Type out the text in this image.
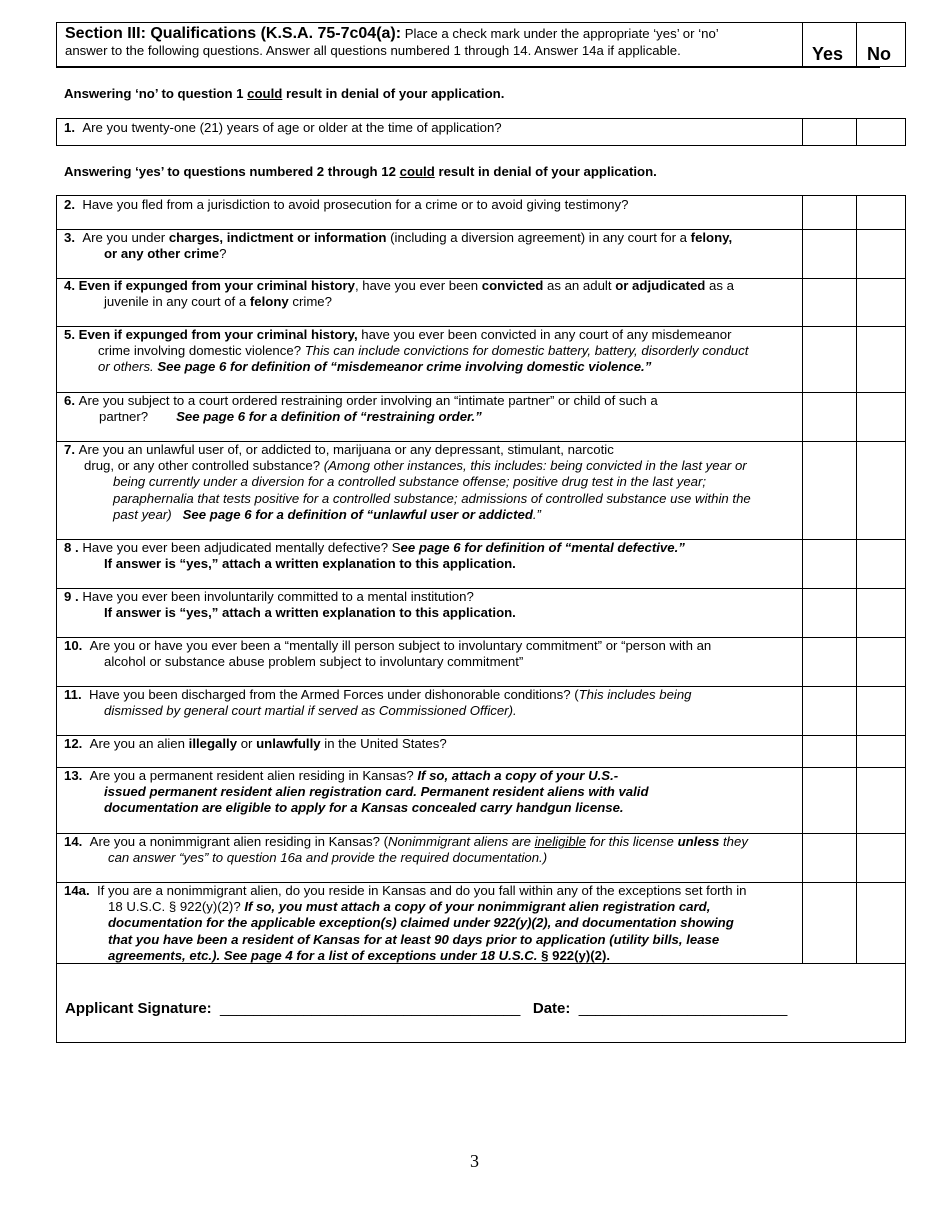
Section III: Qualifications (K.S.A. 75-7c04(a): Place a check mark under the appropriate ‘yes’ or ‘no’
answer to the following questions. Answer all questions numbered 1 through 14. Answer 14a if applicable.	Yes No
Answering ‘no’ to question 1 could result in denial of your application.
1. Are you twenty-one (21) years of age or older at the time of application?
Answering ‘yes’ to questions numbered 2 through 12 could result in denial of your application.
2. Have you fled from a jurisdiction to avoid prosecution for a crime or to avoid giving testimony?
3. Are you under charges, indictment or information (including a diversion agreement) in any court for a felony,
or any other crime?
4. Even if expunged from your criminal history, have you ever been convicted as an adult or adjudicated as a
juvenile in any court of a felony crime?
5. Even if expunged from your criminal history, have you ever been convicted in any court of any misdemeanor
crime involving domestic violence? This can include convictions for domestic battery, battery, disorderly conduct
or others. See page 6 for definition of “misdemeanor crime involving domestic violence.”
6. Are you subject to a court ordered restraining order involving an “intimate partner” or child of such a
partner? See page 6 for a definition of “restraining order.”
7. Are you an unlawful user of, or addicted to, marijuana or any depressant, stimulant, narcotic
drug, or any other controlled substance? (Among other instances, this includes: being convicted in the last year or
being currently under a diversion for a controlled substance offense; positive drug test in the last year;
paraphernalia that tests positive for a controlled substance; admissions of controlled substance use within the
past year) See page 6 for a definition of “unlawful user or addicted.”
8 . Have you ever been adjudicated mentally defective? See page 6 for definition of “mental defective.”
If answer is “yes,” attach a written explanation to this application.
9 . Have you ever been involuntarily committed to a mental institution?
If answer is “yes,” attach a written explanation to this application.
10. Are you or have you ever been a “mentally ill person subject to involuntary commitment” or “person with an
alcohol or substance abuse problem subject to involuntary commitment”
11. Have you been discharged from the Armed Forces under dishonorable conditions? (This includes being
dismissed by general court martial if served as Commissioned Officer).
12. Are you an alien illegally or unlawfully in the United States?
13. Are you a permanent resident alien residing in Kansas? If so, attach a copy of your U.S.-
issued permanent resident alien registration card. Permanent resident aliens with valid
documentation are eligible to apply for a Kansas concealed carry handgun license.
14. Are you a nonimmigrant alien residing in Kansas? (Nonimmigrant aliens are ineligible for this license unless they
can answer “yes” to question 16a and provide the required documentation.)
14a. If you are a nonimmigrant alien, do you reside in Kansas and do you fall within any of the exceptions set forth in
18 U.S.C. § 922(y)(2)? If so, you must attach a copy of your nonimmigrant alien registration card,
documentation for the applicable exception(s) claimed under 922(y)(2), and documentation showing
that you have been a resident of Kansas for at least 90 days prior to application (utility bills, lease
agreements, etc.). See page 4 for a list of exceptions under 18 U.S.C. § 922(y)(2).
Applicant Signature: ____________________________________ Date: _________________________
3
